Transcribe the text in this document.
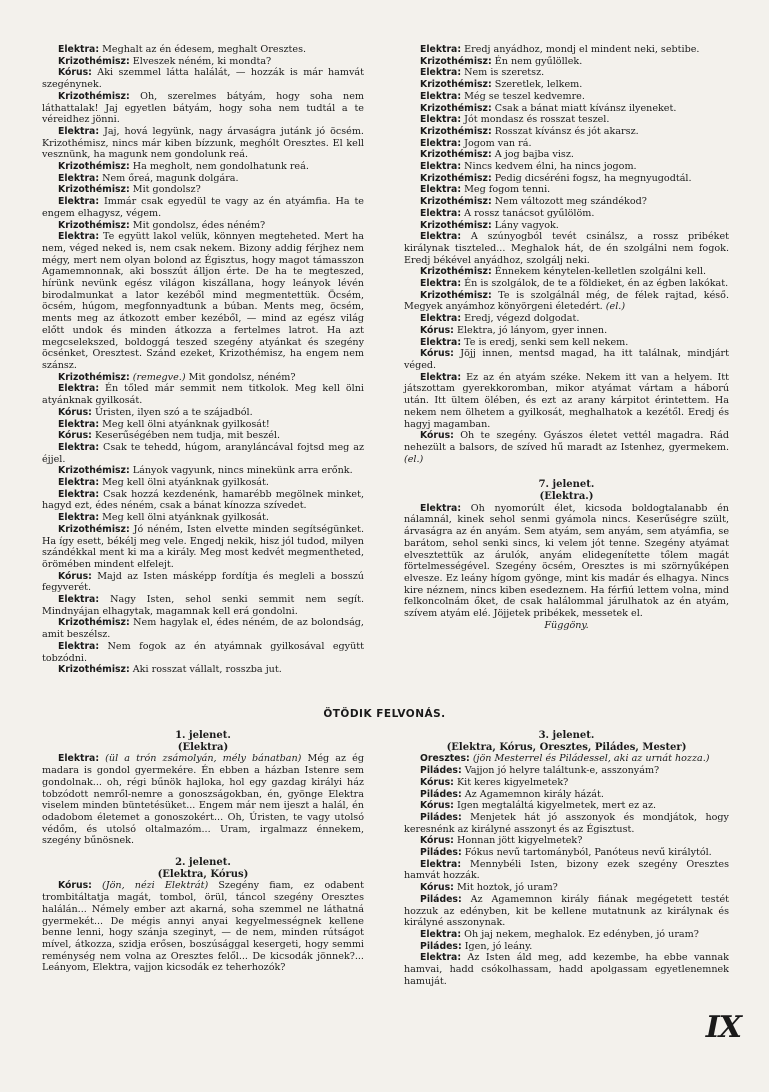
Elektra: Meghalt az én édesem, meghalt Oresztes.

Krizothémisz: Elveszek néném, ki mondta?

Kórus: Aki szemmel látta halálát, — hozzák is már hamvát szegénynek.

Krizothémisz: Oh, szerelmes bátyám, hogy soha nem láthattalak! Jaj egyetlen bátyám, hogy soha nem tudtál a te véreidhez jönni.

Elektra: Jaj, hová legyünk, nagy árvaságra jutánk jó öcsém. Krizothémisz, nincs már kiben bízzunk, meghólt Oresztes. El kell vesznünk, ha magunk nem gondolunk reá.

Krizothémisz: Ha megholt, nem gondolhatunk reá.

Elektra: Nem őreá, magunk dolgára.

Krizothémisz: Mit gondolsz?

Elektra: Immár csak egyedül te vagy az én atyámfia. Ha te engem elhagysz, végem.

Krizothémisz: Mit gondolsz, édes néném?

Elektra: Te együtt lakol velük, könnyen megteheted. Mert ha nem, véged neked is, nem csak nekem. Bizony addig férjhez nem mégy, mert nem olyan bolond az Égisztus, hogy magot támasszon Agamemnonnak, aki bosszút álljon érte. De ha te megteszed, hírünk nevünk egész világon kiszállana, hogy leányok lévén birodalmunkat a lator kezéből mind megmentettük. Öcsém, öcsém, húgom, megfonnyadtunk a búban. Ments meg, öcsém, ments meg az átkozott ember kezéből, — mind az egész világ előtt undok és minden átkozza a fertelmes latrot. Ha azt megcselekszed, boldoggá teszed szegény atyánkat és szegény öcsénket, Oresztest. Szánd ezeket, Krizothémisz, ha engem nem szánsz.

Krizothémisz: (remegve.) Mit gondolsz, néném?

Elektra: Én tőled már semmit nem titkolok. Meg kell ölni atyánknak gyilkosát.

Kórus: Úristen, ilyen szó a te szájadból.

Elektra: Meg kell ölni atyánknak gyilkosát!

Kórus: Keserűségében nem tudja, mit beszél.

Elektra: Csak te tehedd, húgom, aranyláncával fojtsd meg az éjjel.

Krizothémisz: Lányok vagyunk, nincs minekünk arra erőnk.

Elektra: Meg kell ölni atyánknak gyilkosát.

Elektra: Csak hozzá kezdenénk, hamarébb megölnek minket, hagyd ezt, édes néném, csak a bánat kínozza szívedet.

Elektra: Meg kell ölni atyánknak gyilkosát.

Krizothémisz: Jó néném, Isten elvette minden segítségünket. Ha így esett, békélj meg vele. Engedj nekik, hisz jól tudod, milyen szándékkal ment ki ma a király. Meg most kedvét megmentheted, örömében mindent elfelejt.

Kórus: Majd az Isten másképp fordítja és megleli a bosszú fegyverét.

Elektra: Nagy Isten, sehol senki semmit nem segít. Mindnyájan elhagytak, magamnak kell erá gondolni.

Krizothémisz: Nem hagylak el, édes néném, de az bolondság, amit beszélsz.

Elektra: Nem fogok az én atyámnak gyilkosával együtt tobzódni.

Krizothémisz: Aki rosszat vállalt, rosszba jut.

Elektra: Eredj anyádhoz, mondj el mindent neki, sebtibe.

Krizothémisz: Én nem gyűlöllek.

Elektra: Nem is szeretsz.

Krizothémisz: Szeretlek, lelkem.

Elektra: Még se teszel kedvemre.

Krizothémisz: Csak a bánat miatt kívánsz ilyeneket.

Elektra: Jót mondasz és rosszat teszel.

Krizothémisz: Rosszat kívánsz és jót akarsz.

Elektra: Jogom van rá.

Krizothémisz: A jog bajba visz.

Elektra: Nincs kedvem élni, ha nincs jogom.

Krizothémisz: Pedig dicséréni fogsz, ha megnyugodtál.

Elektra: Meg fogom tenni.

Krizothémisz: Nem változott meg szándékod?

Elektra: A rossz tanácsot gyűlölöm.

Krizothémisz: Lány vagyok.

Elektra: A szúnyogból tevét csinálsz, a rossz pribéket királynak tiszteled... Meghalok hát, de én szolgálni nem fogok. Eredj békével anyádhoz, szolgálj neki.

Krizothémisz: Énnekem kénytelen-kelletlen szolgálni kell.

Elektra: Én is szolgálok, de te a földieket, én az égben lakókat.

Krizothémisz: Te is szolgálnál még, de félek rajtad, késő. Megyek anyámhoz könyörgeni életedért. (el.)

Elektra: Eredj, végezd dolgodat.

Kórus: Elektra, jó lányom, gyer innen.

Elektra: Te is eredj, senki sem kell nekem.

Kórus: Jöjj innen, mentsd magad, ha itt találnak, mindjárt véged.

Elektra: Ez az én atyám széke. Nekem itt van a helyem. Itt játszottam gyerekkoromban, mikor atyámat vártam a háború után. Itt ültem ölében, és ezt az arany kárpitot érintettem. Ha nekem nem ölhetem a gyilkosát, meghalhatok a kezétől. Eredj és hagyj magamban.

Kórus: Oh te szegény. Gyászos életet vettél magadra. Rád nehezült a balsors, de szíved hű maradt az Istenhez, gyermekem. (el.)

7. jelenet.

(Elektra.)

Elektra: Oh nyomorúlt élet, kicsoda boldogtalanabb én nálamnál, kinek sehol senmi gyámola nincs. Keserűségre szült, árvaságra az én anyám. Sem atyám, sem anyám, sem atyámfia, se barátom, sehol senki sincs, ki velem jót tenne. Szegény atyámat elvesztettük az árulók, anyám elidegenítette tőlem magát förtelmességével. Szegény öcsém, Oresztes is mi szörnyűképen elvesze. Ez leány hígom gyönge, mint kis madár és elhagya. Nincs kire néznem, nincs kiben esedeznem. Ha férfiú lettem volna, mind felkoncolnám őket, de csak halálommal járulhatok az én atyám, szívem atyám elé. Jöjjetek pribékek, messetek el.

Függöny.

ÖTÖDIK FELVONÁS.

1. jelenet.

(Elektra)

Elektra: (ül a trón zsámolyán, mély bánatban) Még az ég madara is gondol gyermekére. Én ebben a házban Istenre sem gondolnak... oh, régi bűnök hajloka, hol egy gazdag királyi ház tobzódott nemről-nemre a gonoszságokban, én, gyönge Elektra viselem minden büntetésüket... Engem már nem ijeszt a halál, én odadobom életemet a gonoszokért... Oh, Úristen, te vagy utolsó védőm, és utolsó oltalmazóm... Uram, irgalmazz énnekem, szegény bűnösnek.

2. jelenet.

(Elektra, Kórus)

Kórus: (Jön, nézi Elektrát) Szegény fiam, ez odabent trombitáltatja magát, tombol, örül, táncol szegény Oresztes halálán... Némely ember azt akarná, soha szemmel ne láthatná gyermekét... De mégis annyi anyai kegyelmességnek kellene benne lenni, hogy szánja szeginyt, — de nem, minden rútságot mível, átkozza, szidja erősen, boszúsággal kesergeti, hogy semmi reménység nem volna az Oresztes felől... De kicsodák jönnek?... Leányom, Elektra, vajjon kicsodák ez teherhozók?

3. jelenet.

(Elektra, Kórus, Oresztes, Piládes, Mester)

Oresztes: (jön Mesterrel és Piládessel, aki az urnát hozza.)

Piládes: Vajjon jó helyre találtunk-e, asszonyám?

Kórus: Kit keres kigyelmetek?

Piládes: Az Agamemnon király házát.

Kórus: Igen megtaláltá kigyelmetek, mert ez az.

Piládes: Menjetek hát jó asszonyok és mondjátok, hogy keresnénk az királyné asszonyt és az Égisztust.

Kórus: Honnan jött kigyelmetek?

Piládes: Fókus nevű tartományból, Panóteus nevű királytól.

Elektra: Mennybéli Isten, bizony ezek szegény Oresztes hamvát hozzák.

Kórus: Mit hoztok, jó uram?

Piládes: Az Agamemnon király fiának megégetett testét hozzuk az edényben, kit be kellene mutatnunk az királynak és királyné asszonynak.

Elektra: Oh jaj nekem, meghalok. Ez edényben, jó uram?

Piládes: Igen, jó leány.

Elektra: Az Isten áld meg, add kezembe, ha ebbe vannak hamvai, hadd csókolhassam, hadd apolgassam egyetlenemnek hamuját.

IX
